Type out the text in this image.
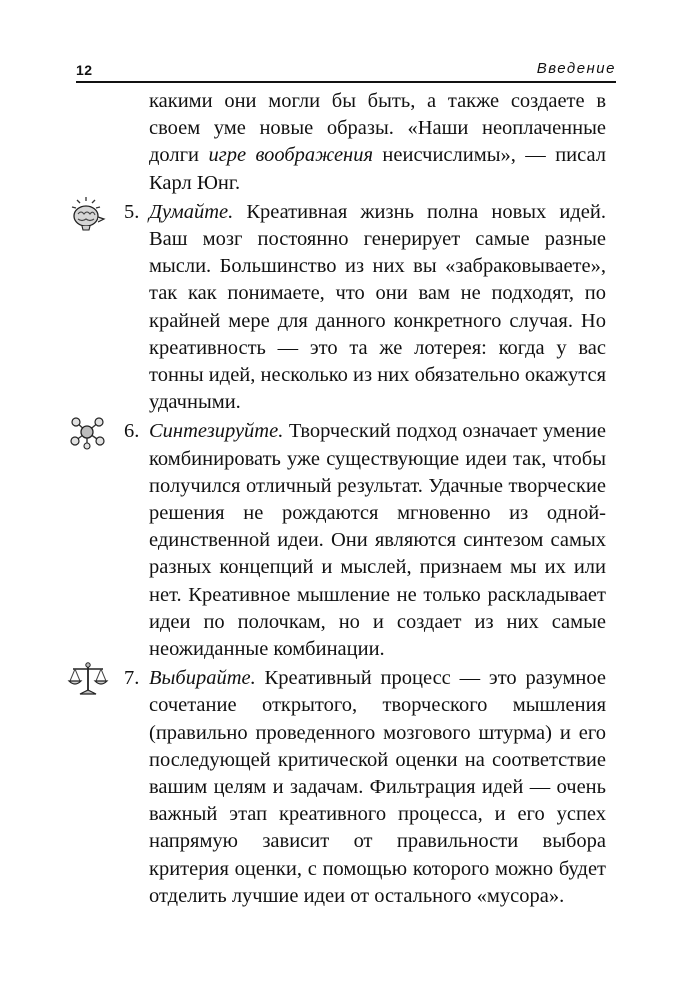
12	Введение

какими они могли бы быть, а также создаете в своем уме новые образы. «Наши неоплаченные долги игре воображения неисчислимы», — писал Карл Юнг.

5. Думайте. Креативная жизнь полна новых идей. Ваш мозг постоянно генерирует самые разные мысли. Большинство из них вы «забраковываете», так как понимаете, что они вам не подходят, по крайней мере для данного конкретного случая. Но креативность — это та же лотерея: когда у вас тонны идей, несколько из них обязательно окажутся удачными.

6. Синтезируйте. Творческий подход означает умение комбинировать уже существующие идеи так, чтобы получился отличный результат. Удачные творческие решения не рождаются мгновенно из одной-единственной идеи. Они являются синтезом самых разных концепций и мыслей, признаем мы их или нет. Креативное мышление не только раскладывает идеи по полочкам, но и создает из них самые неожиданные комбинации.

7. Выбирайте. Креативный процесс — это разумное сочетание открытого, творческого мышления (правильно проведенного мозгового штурма) и его последующей критической оценки на соответствие вашим целям и задачам. Фильтрация идей — очень важный этап креативного процесса, и его успех напрямую зависит от правильности выбора критерия оценки, с помощью которого можно будет отделить лучшие идеи от остального «мусора».
